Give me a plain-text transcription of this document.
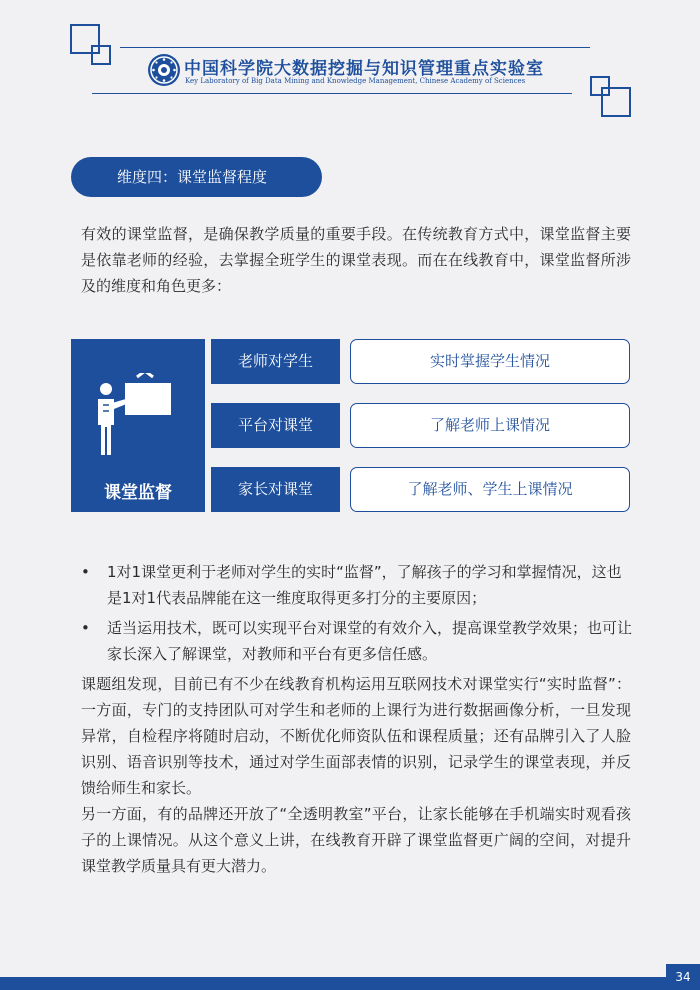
中国科学院大数据挖掘与知识管理重点实验室
Key Laboratory of Big Data Mining and Knowledge Management, Chinese Academy of Sciences
维度四：课堂监督程度
有效的课堂监督，是确保教学质量的重要手段。在传统教育方式中，课堂监督主要是依靠老师的经验，去掌握全班学生的课堂表现。而在在线教育中，课堂监督所涉及的维度和角色更多：
课堂监督
老师对学生	实时掌握学生情况
平台对课堂	了解老师上课情况
家长对课堂	了解老师、学生上课情况
• 1对1课堂更利于老师对学生的实时“监督”，了解孩子的学习和掌握情况，这也是1对1代表品牌能在这一维度取得更多打分的主要原因；
• 适当运用技术，既可以实现平台对课堂的有效介入，提高课堂教学效果；也可让家长深入了解课堂，对教师和平台有更多信任感。
课题组发现，目前已有不少在线教育机构运用互联网技术对课堂实行“实时监督”：一方面，专门的支持团队可对学生和老师的上课行为进行数据画像分析，一旦发现异常，自检程序将随时启动，不断优化师资队伍和课程质量；还有品牌引入了人脸识别、语音识别等技术，通过对学生面部表情的识别，记录学生的课堂表现，并反馈给师生和家长。
另一方面，有的品牌还开放了“全透明教室”平台，让家长能够在手机端实时观看孩子的上课情况。从这个意义上讲，在线教育开辟了课堂监督更广阔的空间，对提升课堂教学质量具有更大潜力。
34
